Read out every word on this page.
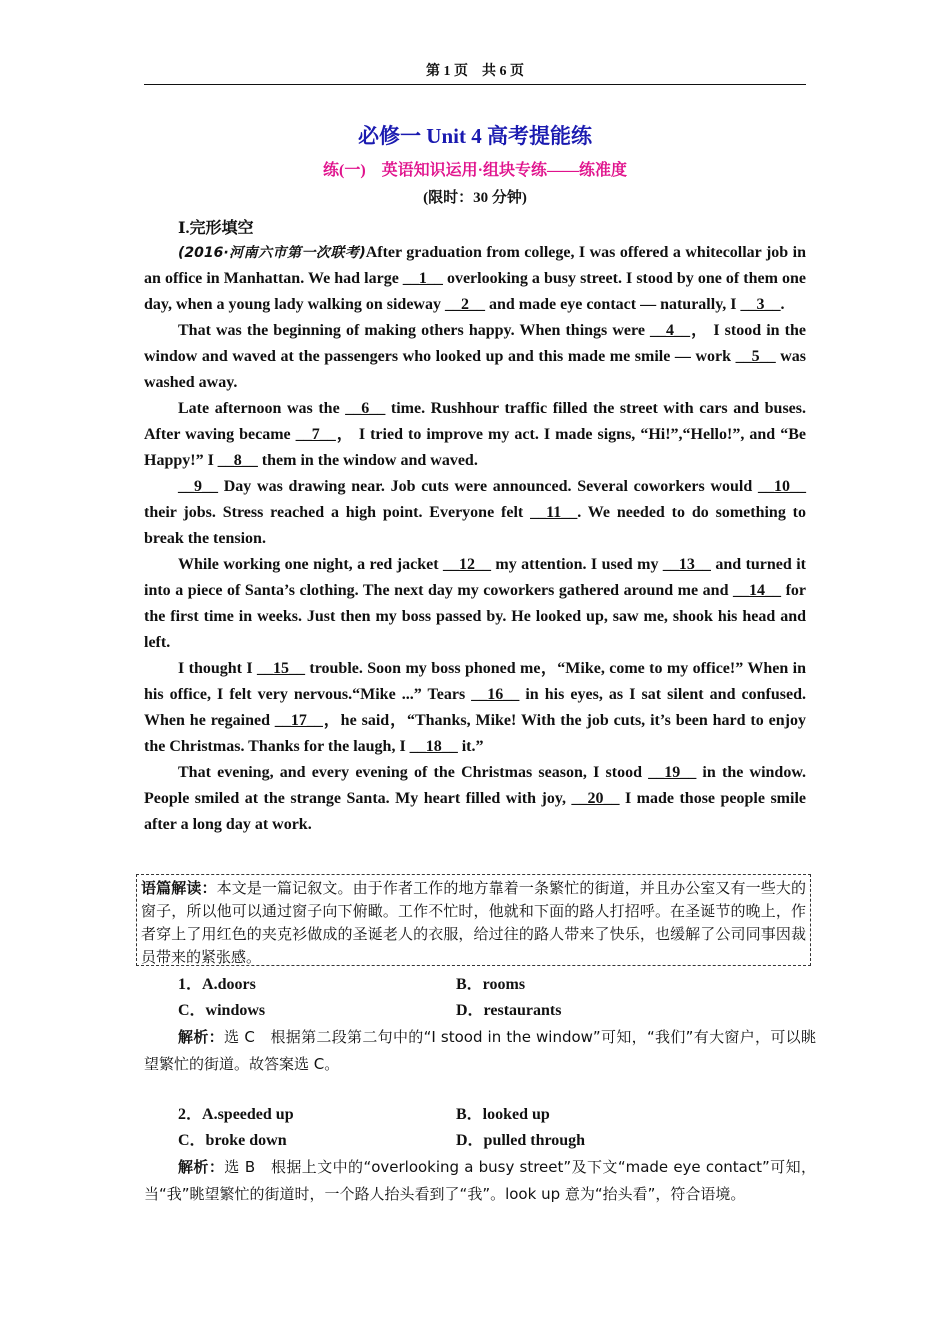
第 1 页　共 6 页
必修一 Unit 4 高考提能练
练(一)　英语知识运用·组块专练——练准度
(限时：30 分钟)
Ⅰ.完形填空

(2016·河南六市第一次联考)After graduation from college, I was offered a whitecollar job in an office in Manhattan. We had large __1__ overlooking a busy street. I stood by one of them one day, when a young lady walking on sideway __2__ and made eye contact — naturally, I __3__.

That was the beginning of making others happy. When things were __4__， I stood in the window and waved at the passengers who looked up and this made me smile — work __5__ was washed away.

Late afternoon was the __6__ time. Rushhour traffic filled the street with cars and buses. After waving became __7__， I tried to improve my act. I made signs, “Hi!”,“Hello!”, and “Be Happy!” I __8__ them in the window and waved.

__9__ Day was drawing near. Job cuts were announced. Several coworkers would __10__ their jobs. Stress reached a high point. Everyone felt __11__. We needed to do something to break the tension.

While working one night, a red jacket __12__ my attention. I used my __13__ and turned it into a piece of Santa’s clothing. The next day my coworkers gathered around me and __14__ for the first time in weeks. Just then my boss passed by. He looked up, saw me, shook his head and left.

I thought I __15__ trouble. Soon my boss phoned me，“Mike, come to my office!” When in his office, I felt very nervous.“Mike ...” Tears __16__ in his eyes, as I sat silent and confused. When he regained __17__，he said，“Thanks, Mike! With the job cuts, it’s been hard to enjoy the Christmas. Thanks for the laugh, I __18__ it.”

That evening, and every evening of the Christmas season, I stood __19__ in the window. People smiled at the strange Santa. My heart filled with joy, __20__ I made those people smile after a long day at work.

语篇解读：本文是一篇记叙文。由于作者工作的地方靠着一条繁忙的街道，并且办公室又有一些大的窗子，所以他可以通过窗子向下俯瞰。工作不忙时，他就和下面的路人打招呼。在圣诞节的晚上，作者穿上了用红色的夹克衫做成的圣诞老人的衣服，给过往的路人带来了快乐，也缓解了公司同事因裁员带来的紧张感。
1．A.doors	B．rooms
C．windows	D．restaurants
解析：选 C　根据第二段第二句中的“I stood in the window”可知，“我们”有大窗户，可以眺望繁忙的街道。故答案选 C。
2．A.speeded up	B．looked up
C．broke down	D．pulled through
解析：选 B　根据上文中的“overlooking a busy street”及下文“made eye contact”可知，当“我”眺望繁忙的街道时，一个路人抬头看到了“我”。look up 意为“抬头看”，符合语境。
